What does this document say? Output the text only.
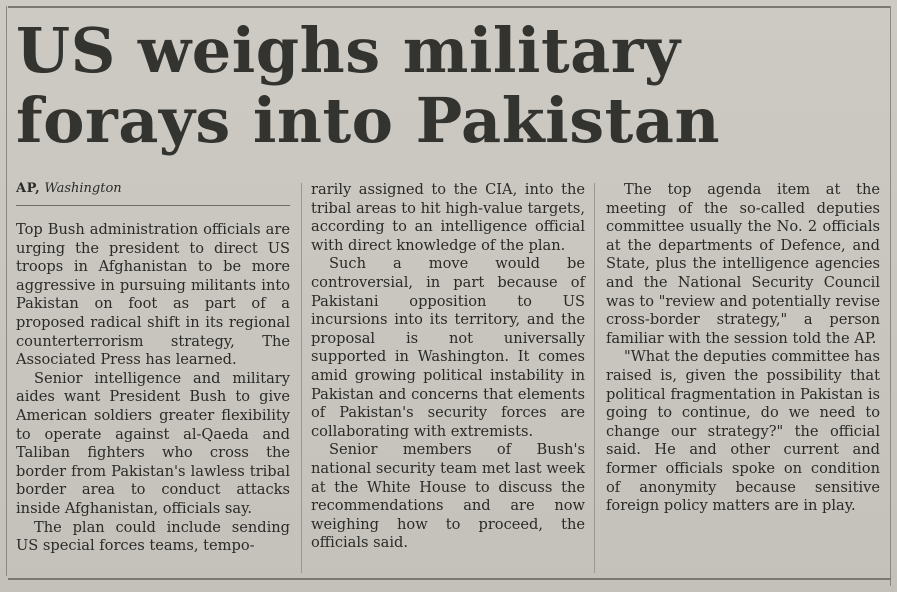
US weighs military forays into Pakistan
AP, Washington

Top Bush administration officials are urging the president to direct US troops in Afghanistan to be more aggressive in pursuing militants into Pakistan on foot as part of a proposed radical shift in its regional counterterrorism strategy, The Associated Press has learned.

Senior intelligence and military aides want President Bush to give American soldiers greater flexibility to operate against al-Qaeda and Taliban fighters who cross the border from Pakistan's lawless tribal border area to conduct attacks inside Afghanistan, officials say.

The plan could include sending US special forces teams, tempo-

rarily assigned to the CIA, into the tribal areas to hit high-value targets, according to an intelligence official with direct knowledge of the plan.

Such a move would be controversial, in part because of Pakistani opposition to US incursions into its territory, and the proposal is not universally supported in Washington. It comes amid growing political instability in Pakistan and concerns that elements of Pakistan's security forces are collaborating with extremists.

Senior members of Bush's national security team met last week at the White House to discuss the recommendations and are now weighing how to proceed, the officials said.

The top agenda item at the meeting of the so-called deputies committee usually the No. 2 officials at the departments of Defence, and State, plus the intelligence agencies and the National Security Council was to "review and potentially revise cross-border strategy," a person familiar with the session told the AP.

"What the deputies committee has raised is, given the possibility that political fragmentation in Pakistan is going to continue, do we need to change our strategy?" the official said. He and other current and former officials spoke on condition of anonymity because sensitive foreign policy matters are in play.
